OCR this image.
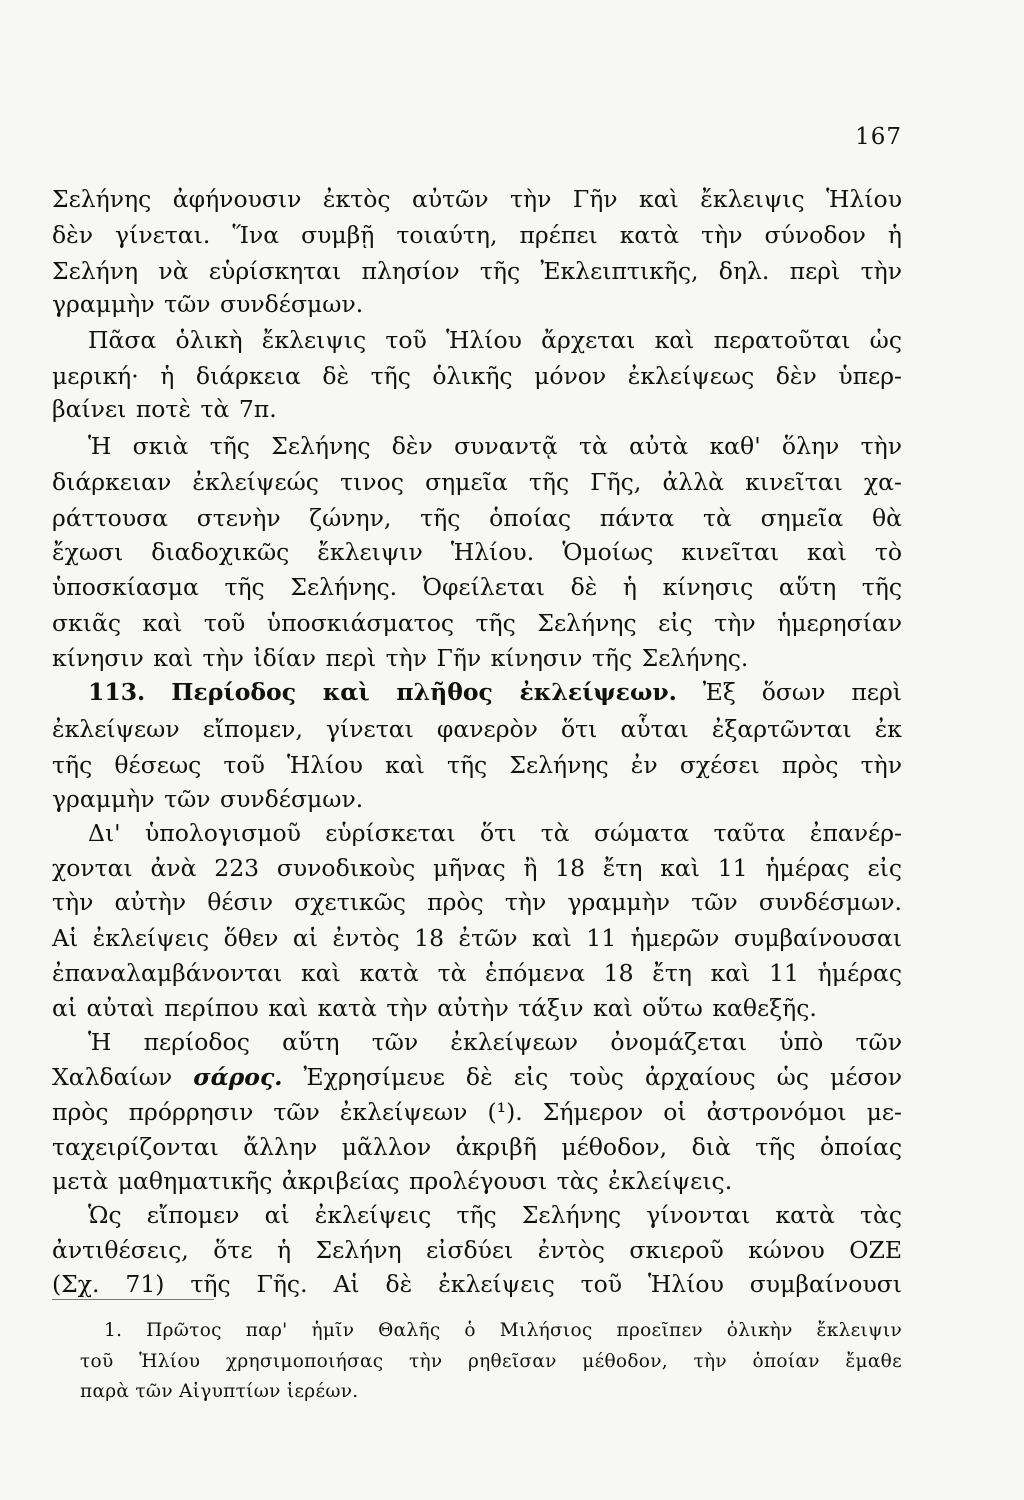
167
Σελήνης ἀφήνουσιν ἐκτὸς αὐτῶν τὴν Γῆν καὶ ἔκλειψις Ἡλίου
δὲν γίνεται. Ἵνα συμβῇ τοιαύτη, πρέπει κατὰ τὴν σύνοδον ἡ
Σελήνη νὰ εὑρίσκηται πλησίον τῆς Ἐκλειπτικῆς, δηλ. περὶ τὴν
γραμμὴν τῶν συνδέσμων.
Πᾶσα ὁλικὴ ἔκλειψις τοῦ Ἡλίου ἄρχεται καὶ περατοῦται ὡς
μερική· ἡ διάρκεια δὲ τῆς ὁλικῆς μόνον ἐκλείψεως δὲν ὑπερ-
βαίνει ποτὲ τὰ 7π.
Ἡ σκιὰ τῆς Σελήνης δὲν συναντᾷ τὰ αὐτὰ καθ' ὅλην τὴν
διάρκειαν ἐκλείψεώς τινος σημεῖα τῆς Γῆς, ἀλλὰ κινεῖται χα-
ράττουσα στενὴν ζώνην, τῆς ὁποίας πάντα τὰ σημεῖα θὰ
ἔχωσι διαδοχικῶς ἔκλειψιν Ἡλίου. Ὁμοίως κινεῖται καὶ τὸ
ὑποσκίασμα τῆς Σελήνης. Ὀφείλεται δὲ ἡ κίνησις αὕτη τῆς
σκιᾶς καὶ τοῦ ὑποσκιάσματος τῆς Σελήνης εἰς τὴν ἡμερησίαν
κίνησιν καὶ τὴν ἰδίαν περὶ τὴν Γῆν κίνησιν τῆς Σελήνης.
113. Περίοδος καὶ πλῆθος ἐκλείψεων. Ἐξ ὅσων περὶ
ἐκλείψεων εἴπομεν, γίνεται φανερὸν ὅτι αὗται ἐξαρτῶνται ἐκ
τῆς θέσεως τοῦ Ἡλίου καὶ τῆς Σελήνης ἐν σχέσει πρὸς τὴν
γραμμὴν τῶν συνδέσμων.
Δι' ὑπολογισμοῦ εὑρίσκεται ὅτι τὰ σώματα ταῦτα ἐπανέρ-
χονται ἀνὰ 223 συνοδικοὺς μῆνας ἢ 18 ἔτη καὶ 11 ἡμέρας εἰς
τὴν αὐτὴν θέσιν σχετικῶς πρὸς τὴν γραμμὴν τῶν συνδέσμων.
Αἱ ἐκλείψεις ὅθεν αἱ ἐντὸς 18 ἐτῶν καὶ 11 ἡμερῶν συμβαίνουσαι
ἐπαναλαμβάνονται καὶ κατὰ τὰ ἑπόμενα 18 ἔτη καὶ 11 ἡμέρας
αἱ αὐταὶ περίπου καὶ κατὰ τὴν αὐτὴν τάξιν καὶ οὕτω καθεξῆς.
Ἡ περίοδος αὕτη τῶν ἐκλείψεων ὀνομάζεται ὑπὸ τῶν
Χαλδαίων σάρος. Ἐχρησίμευε δὲ εἰς τοὺς ἀρχαίους ὡς μέσον
πρὸς πρόρρησιν τῶν ἐκλείψεων (¹). Σήμερον οἱ ἀστρονόμοι με-
ταχειρίζονται ἄλλην μᾶλλον ἀκριβῆ μέθοδον, διὰ τῆς ὁποίας
μετὰ μαθηματικῆς ἀκριβείας προλέγουσι τὰς ἐκλείψεις.
Ὡς εἴπομεν αἱ ἐκλείψεις τῆς Σελήνης γίνονται κατὰ τὰς
ἀντιθέσεις, ὅτε ἡ Σελήνη εἰσδύει ἐντὸς σκιεροῦ κώνου ΟΖΕ
(Σχ. 71) τῆς Γῆς. Αἱ δὲ ἐκλείψεις τοῦ Ἡλίου συμβαίνουσι
1. Πρῶτος παρ' ἡμῖν Θαλῆς ὁ Μιλήσιος προεῖπεν ὁλικὴν ἔκλειψιν
τοῦ Ἡλίου χρησιμοποιήσας τὴν ρηθεῖσαν μέθοδον, τὴν ὁποίαν ἔμαθε
παρὰ τῶν Αἰγυπτίων ἱερέων.
